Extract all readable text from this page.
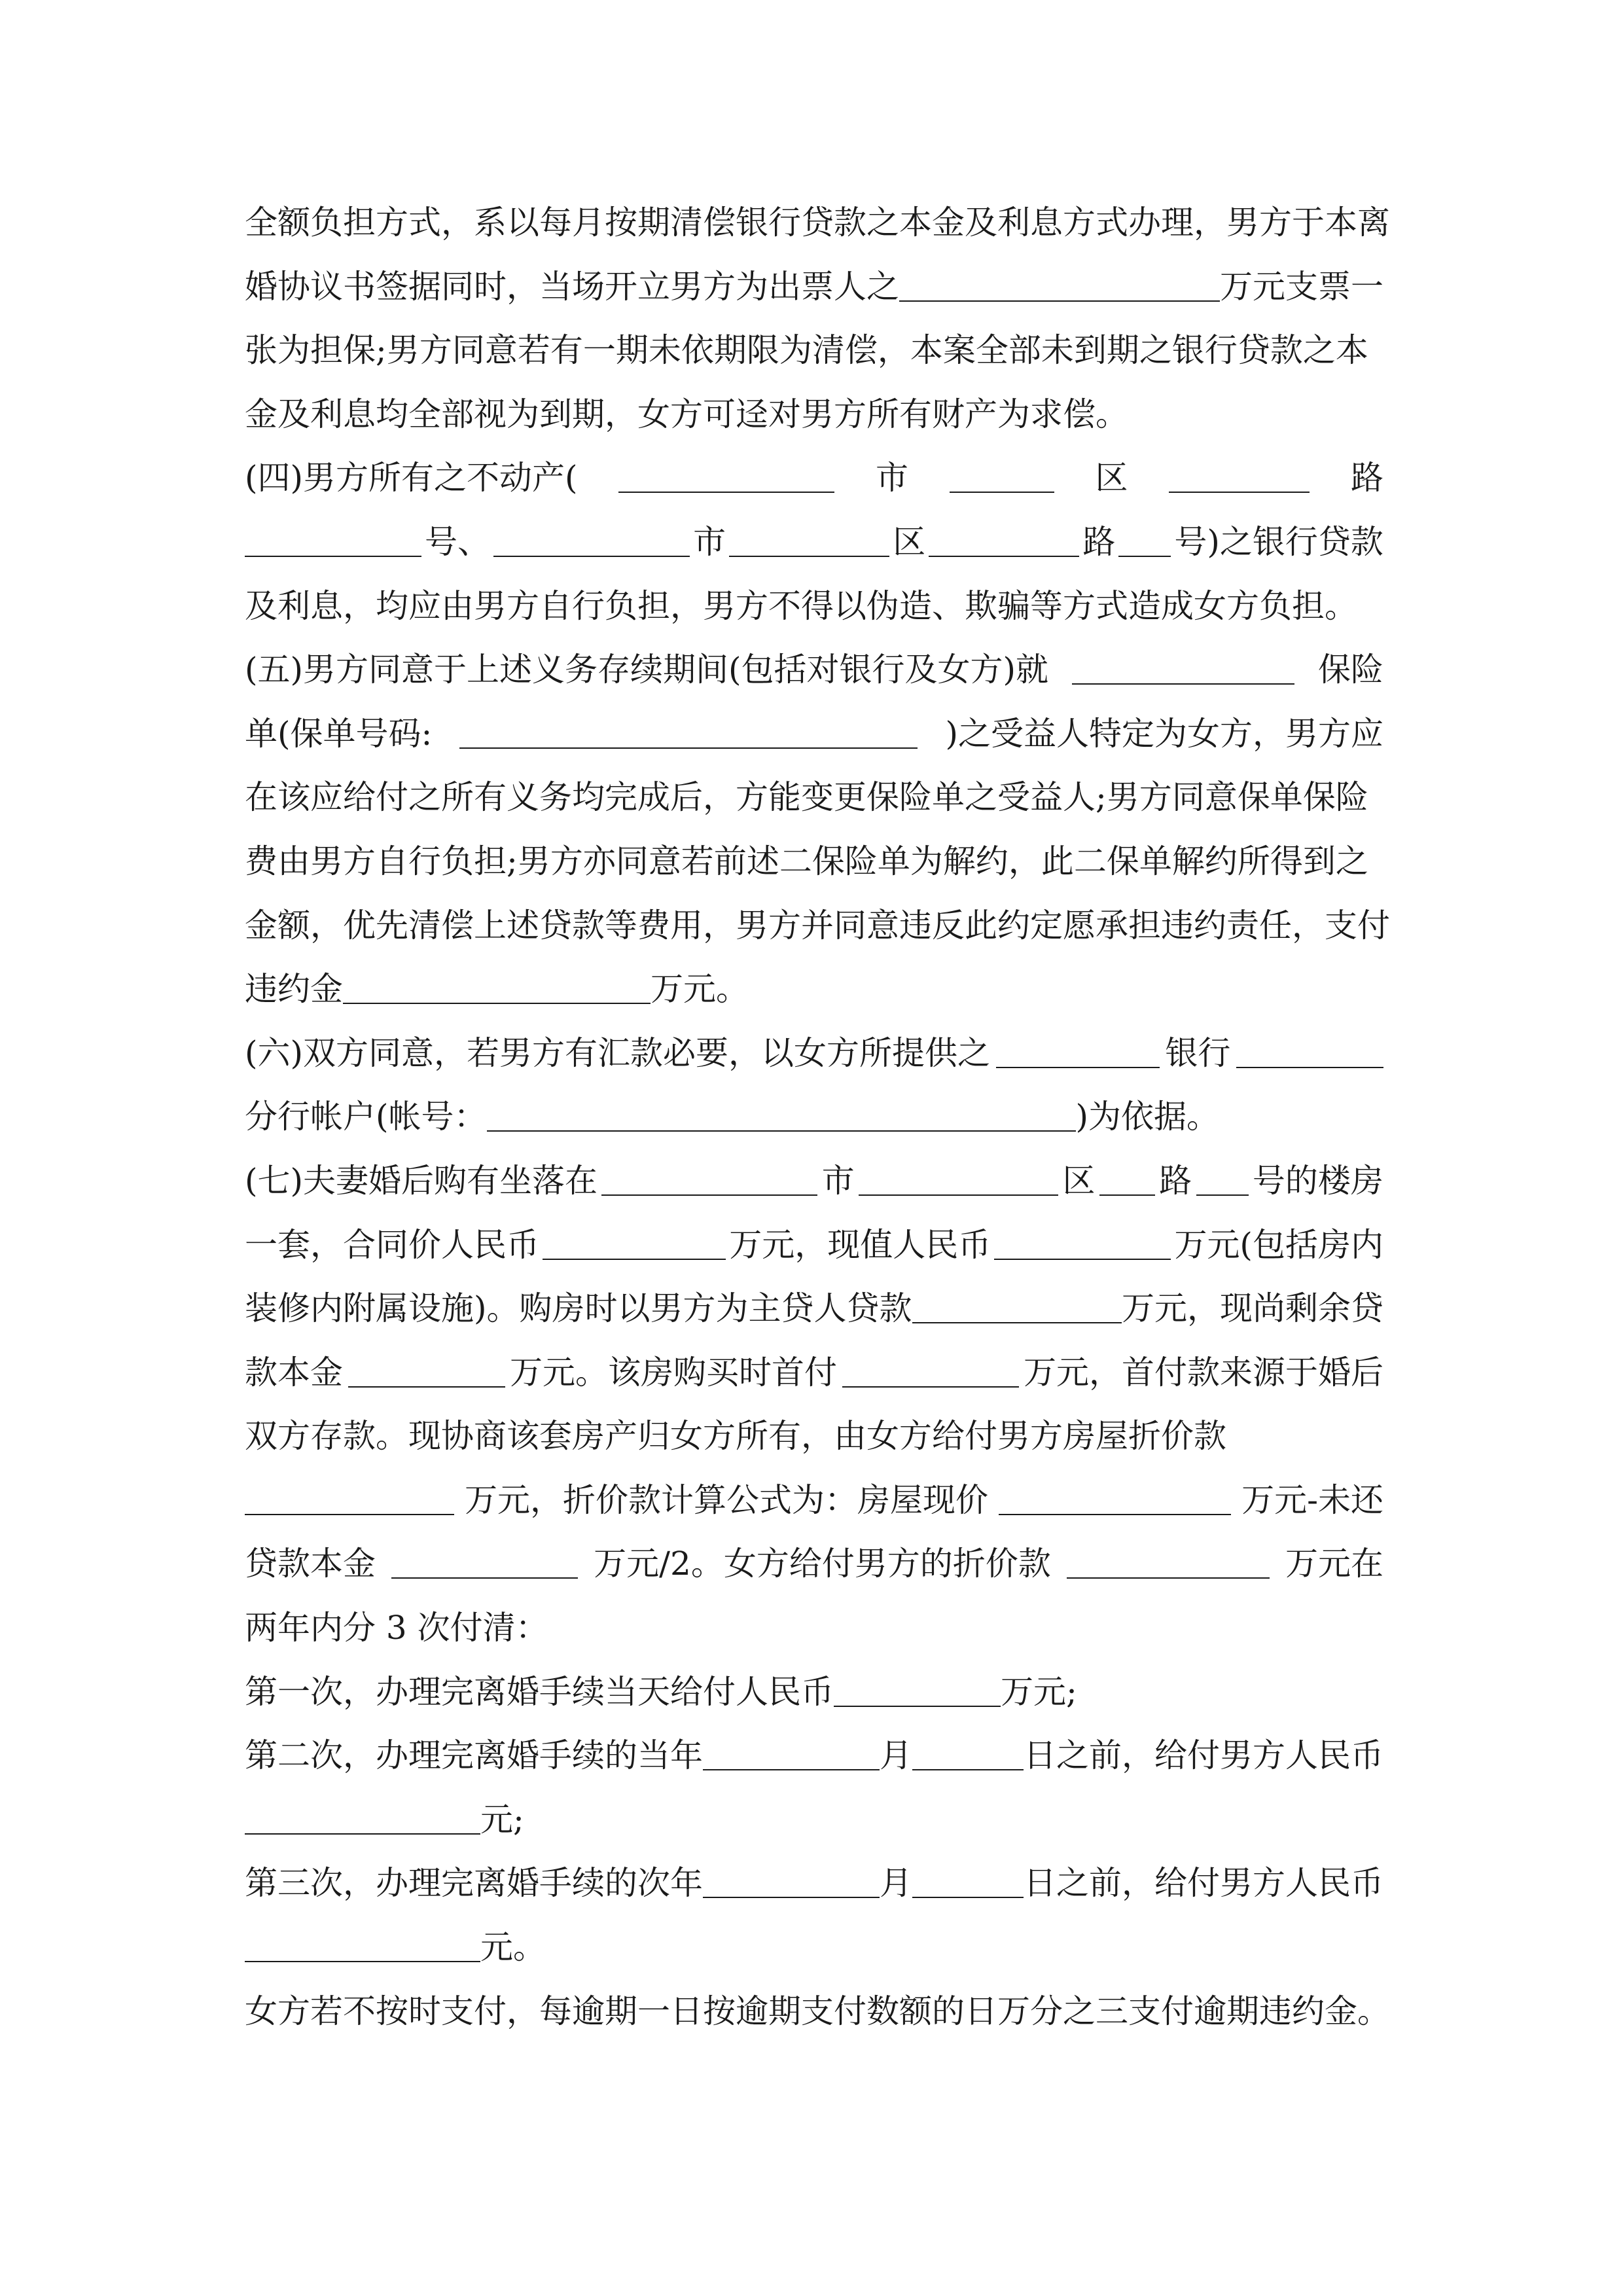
全额负担方式，系以每月按期清偿银行贷款之本金及利息方式办理，男方于本离
婚协议书签据同时，当场开立男方为出票人之	万元支票一
张为担保;男方同意若有一期未依期限为清偿，本案全部未到期之银行贷款之本
金及利息均全部视为到期，女方可迳对男方所有财产为求偿。
(四)男方所有之不动产(	市	区	路
号、	市	区	路 号)之银行贷款
及利息，均应由男方自行负担，男方不得以伪造、欺骗等方式造成女方负担。
(五)男方同意于上述义务存续期间(包括对银行及女方)就	保险
单(保单号码:	)之受益人特定为女方，男方应
在该应给付之所有义务均完成后，方能变更保险单之受益人;男方同意保单保险
费由男方自行负担;男方亦同意若前述二保险单为解约，此二保单解约所得到之
金额，优先清偿上述贷款等费用，男方并同意违反此约定愿承担违约责任，支付
违约金	万元。
(六)双方同意，若男方有汇款必要，以女方所提供之	银行
分行帐户(帐号：	)为依据。
(七)夫妻婚后购有坐落在	市	区 路 号的楼房
一套，合同价人民币	万元，现值人民币	万元(包括房内
装修内附属设施)。购房时以男方为主贷人贷款	万元，现尚剩余贷
款本金	万元。该房购买时首付	万元，首付款来源于婚后
双方存款。现协商该套房产归女方所有，由女方给付男方房屋折价款
万元，折价款计算公式为：房屋现价	万元-未还
贷款本金	万元/2。女方给付男方的折价款	万元在
两年内分 3 次付清：
第一次，办理完离婚手续当天给付人民币	万元;
第二次，办理完离婚手续的当年	月	日之前，给付男方人民币
元;
第三次，办理完离婚手续的次年	月	日之前，给付男方人民币
元。
女方若不按时支付，每逾期一日按逾期支付数额的日万分之三支付逾期违约金。
